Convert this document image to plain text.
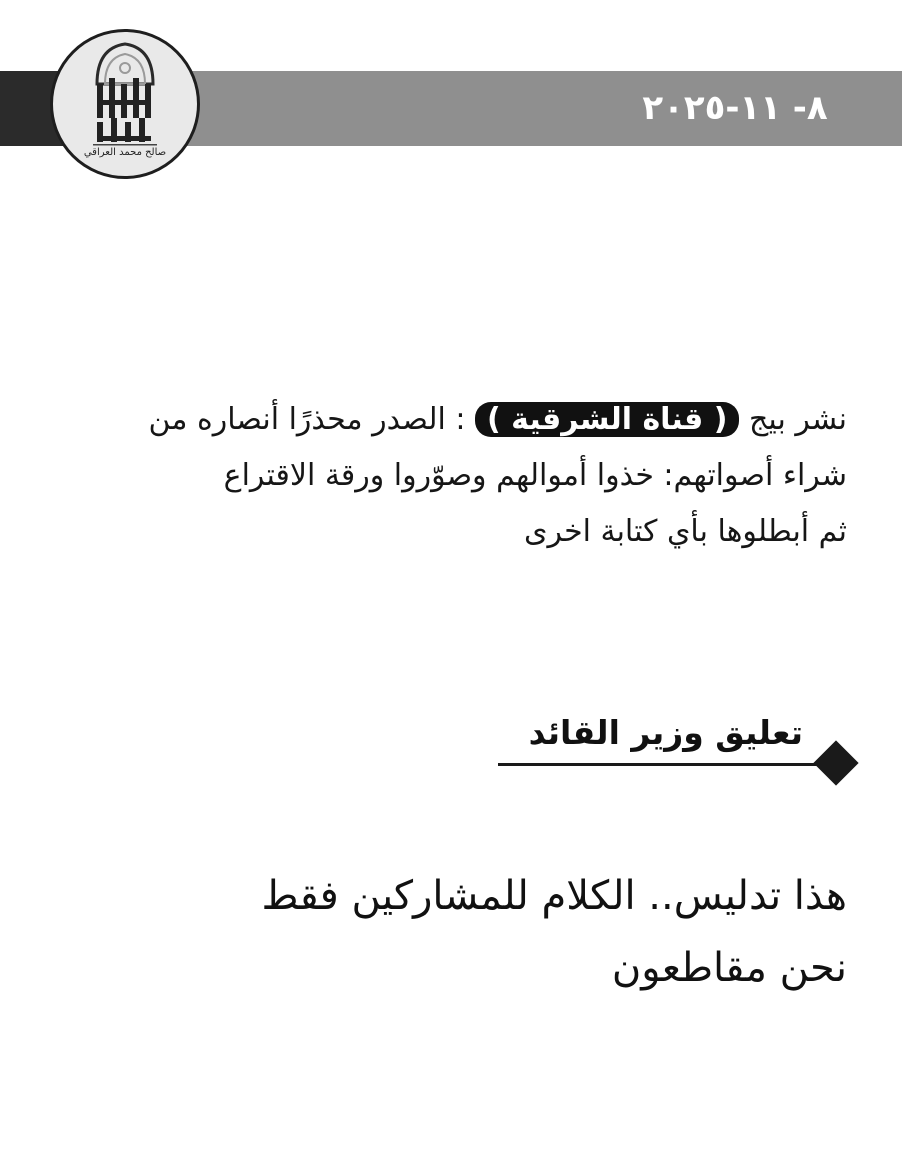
٨- ١١-٢٠٢٥
صالح محمد العراقي
نشر بيج ( قناة الشرقية ) : الصدر محذرًا أنصاره من
شراء أصواتهم: خذوا أموالهم وصوّروا ورقة الاقتراع
ثم أبطلوها بأي كتابة اخرى
تعليق وزير القائد
هذا تدليس.. الكلام للمشاركين فقط
نحن مقاطعون
